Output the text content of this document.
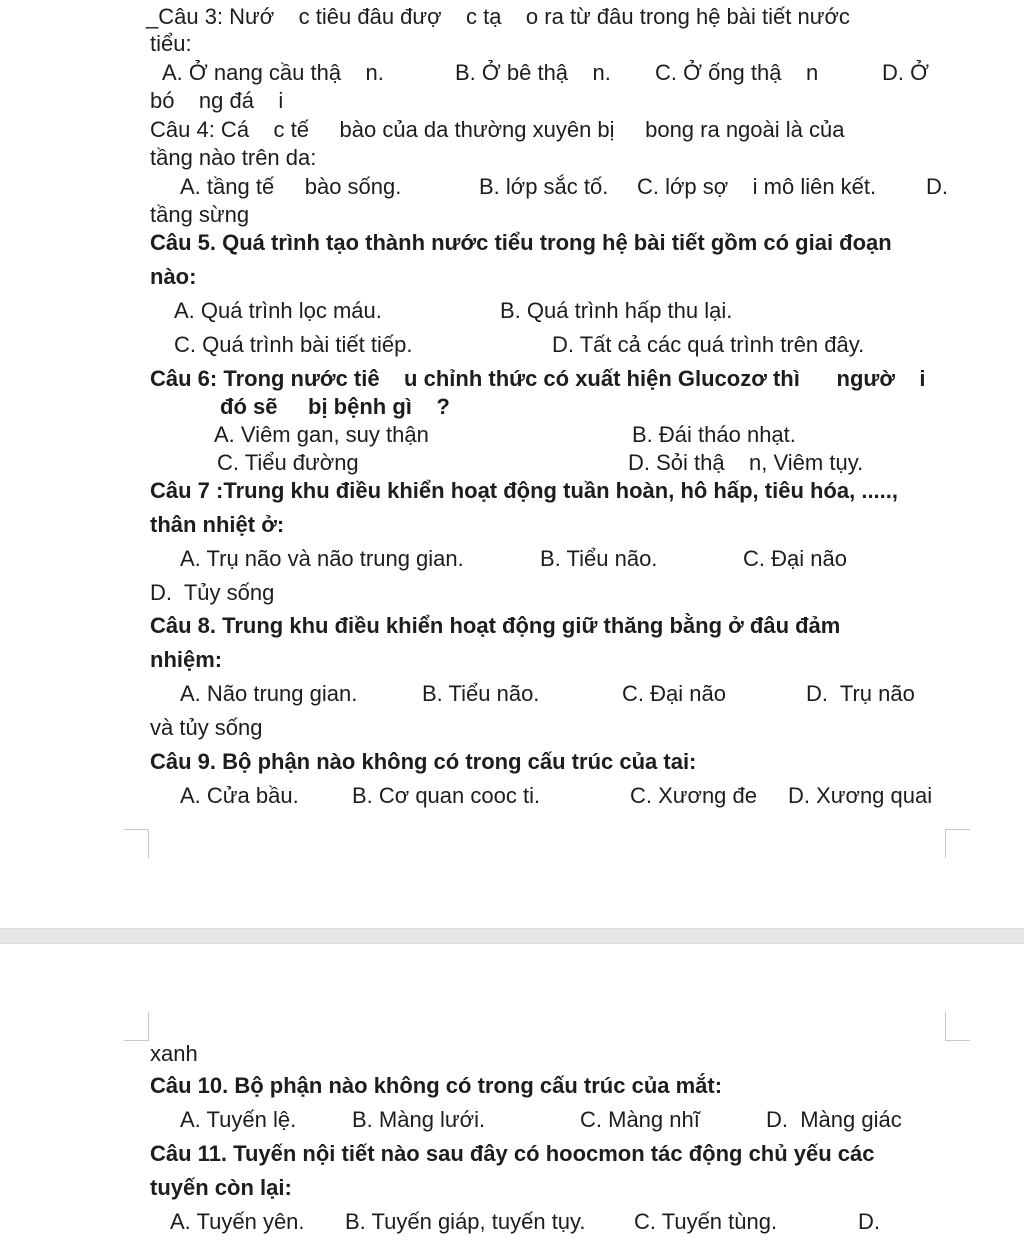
_Câu 3: Nướ    c tiêu đâu đượ    c tạ    o ra từ đâu trong hệ bài tiết nước
tiểu:
A. Ở nang cầu thậ    n.	B. Ở bê thậ    n. C. Ở ống thậ    n	D. Ở
bó    ng đá    i
Câu 4: Cá    c tế     bào của da thường xuyên bị     bong ra ngoài là của
tầng nào trên da:
A. tầng tế     bào sống.	B. lớp sắc tố. C. lớp sợ    i mô liên kết. D.
tầng sừng
Câu 5. Quá trình tạo thành nước tiểu trong hệ bài tiết gồm có giai đoạn
nào:
A. Quá trình lọc máu.	B. Quá trình hấp thu lại.
C. Quá trình bài tiết tiếp.	D. Tất cả các quá trình trên đây.
Câu 6: Trong nước tiê    u chỉnh thức có xuất hiện Glucozơ thì      ngườ    i
đó sẽ     bị bệnh gì    ?
A. Viêm gan, suy thận	B. Đái tháo nhạt.
C. Tiểu đường	D. Sỏi thậ    n, Viêm tụy.
Câu 7 :Trung khu điều khiển hoạt động tuần hoàn, hô hấp, tiêu hóa, .....,
thân nhiệt ở:
A. Trụ não và não trung gian.	B. Tiểu não.	C. Đại não
D.  Tủy sống
Câu 8. Trung khu điều khiển hoạt động giữ thăng bằng ở đâu đảm
nhiệm:
A. Não trung gian.	B. Tiểu não.	C. Đại não	D.  Trụ não
và tủy sống
Câu 9. Bộ phận nào không có trong cấu trúc của tai:
A. Cửa bầu. B. Cơ quan cooc ti.	C. Xương đe D. Xương quai
xanh
Câu 10. Bộ phận nào không có trong cấu trúc của mắt:
A. Tuyến lệ.	B. Màng lưới.	C. Màng nhĩ	D.  Màng giác
Câu 11. Tuyến nội tiết nào sau đây có hoocmon tác động chủ yếu các
tuyến còn lại:
A. Tuyến yên. B. Tuyến giáp, tuyến tụy. C. Tuyến tùng.	D.
